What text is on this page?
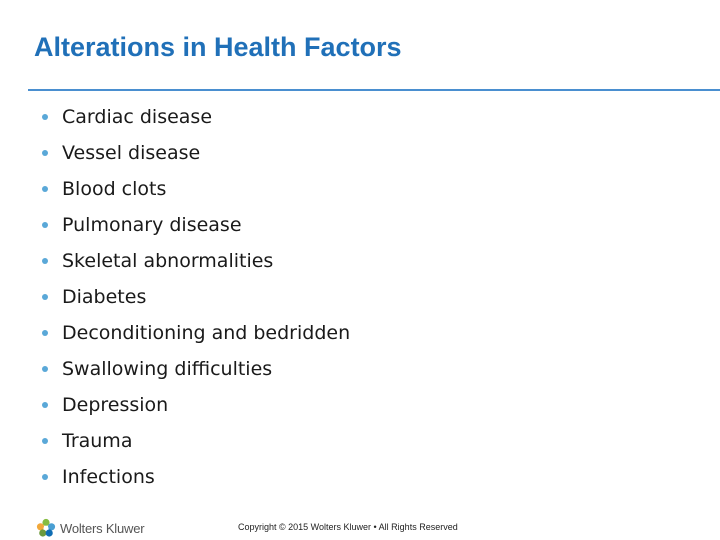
Alterations in Health Factors
Cardiac disease
Vessel disease
Blood clots
Pulmonary disease
Skeletal abnormalities
Diabetes
Deconditioning and bedridden
Swallowing difficulties
Depression
Trauma
Infections
Wolters Kluwer	Copyright © 2015 Wolters Kluwer • All Rights Reserved
